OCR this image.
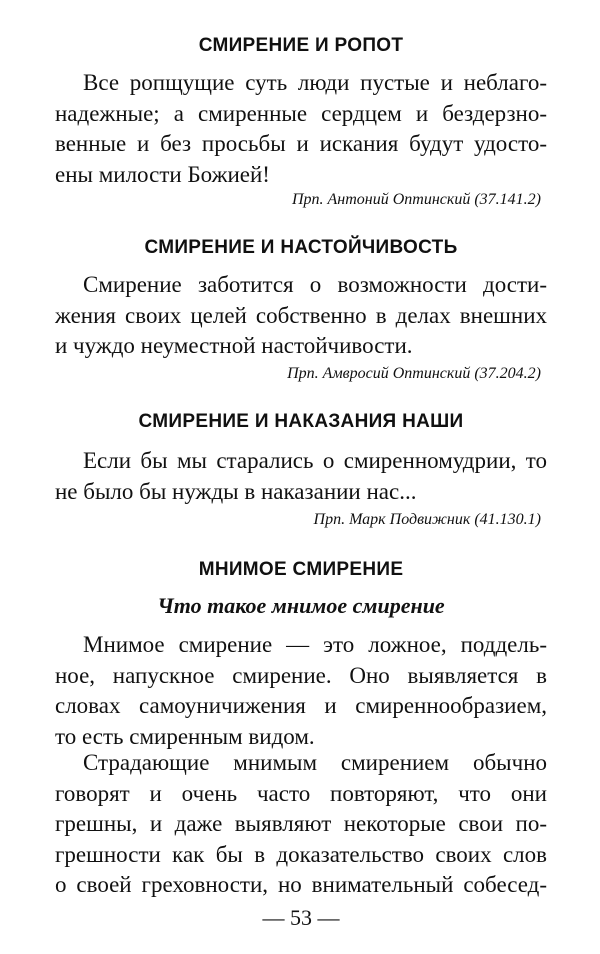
СМИРЕНИЕ И РОПОТ
Все ропщущие суть люди пустые и неблаго-
надежные; а смиренные сердцем и бездерзно-
венные и без просьбы и искания будут удосто-
ены милости Божией!
Прп. Антоний Оптинский (37.141.2)
СМИРЕНИЕ И НАСТОЙЧИВОСТЬ
Смирение заботится о возможности дости-
жения своих целей собственно в делах внешних
и чуждо неуместной настойчивости.
Прп. Амвросий Оптинский (37.204.2)
СМИРЕНИЕ И НАКАЗАНИЯ НАШИ
Если бы мы старались о смиренномудрии, то
не было бы нужды в наказании нас...
Прп. Марк Подвижник (41.130.1)
МНИМОЕ СМИРЕНИЕ
Что такое мнимое смирение
Мнимое смирение — это ложное, поддель-
ное, напускное смирение. Оно выявляется в
словах самоуничижения и смиреннообразием,
то есть смиренным видом.
Страдающие мнимым смирением обычно
говорят и очень часто повторяют, что они
грешны, и даже выявляют некоторые свои по-
грешности как бы в доказательство своих слов
о своей греховности, но внимательный собесед-
— 53 —
